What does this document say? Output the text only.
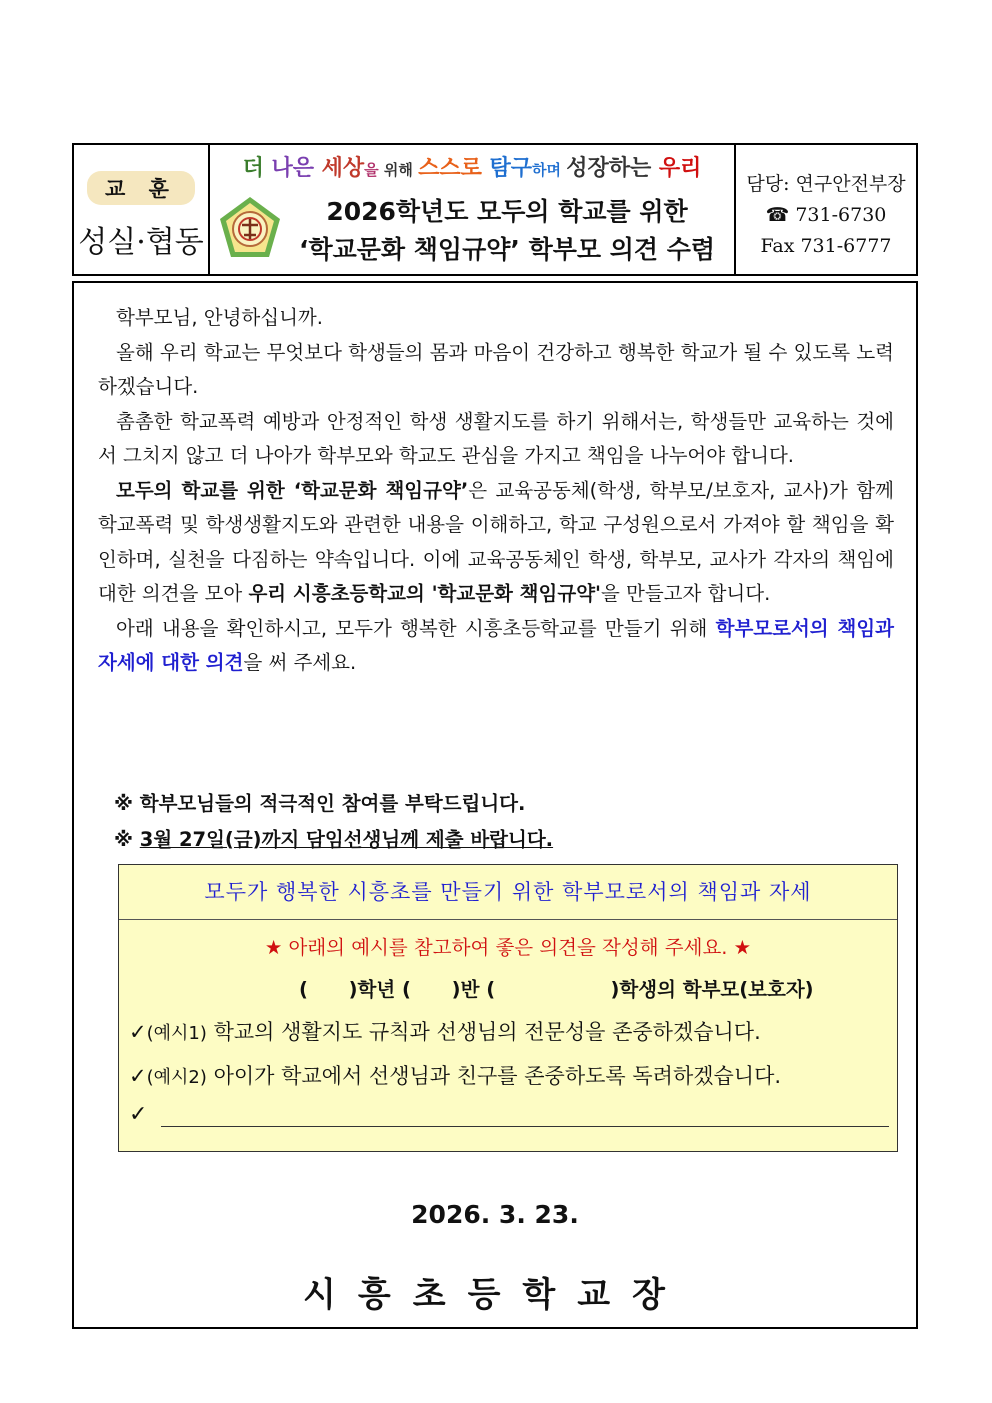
교 훈
성실·협동
더 나은 세상을 위해 스스로 탐구하며 성장하는 우리
2026학년도 모두의 학교를 위한
‘학교문화 책임규약’ 학부모 의견 수렴
담당: 연구안전부장
☎ 731-6730
Fax 731-6777

학부모님, 안녕하십니까.

올해 우리 학교는 무엇보다 학생들의 몸과 마음이 건강하고 행복한 학교가 될 수 있도록 노력하겠습니다.

촘촘한 학교폭력 예방과 안정적인 학생 생활지도를 하기 위해서는, 학생들만 교육하는 것에서 그치지 않고 더 나아가 학부모와 학교도 관심을 가지고 책임을 나누어야 합니다.

모두의 학교를 위한 ‘학교문화 책임규약’은 교육공동체(학생, 학부모/보호자, 교사)가 함께 학교폭력 및 학생생활지도와 관련한 내용을 이해하고, 학교 구성원으로서 가져야 할 책임을 확인하며, 실천을 다짐하는 약속입니다. 이에 교육공동체인 학생, 학부모, 교사가 각자의 책임에 대한 의견을 모아 우리 시흥초등학교의 '학교문화 책임규약'을 만들고자 합니다.

아래 내용을 확인하시고, 모두가 행복한 시흥초등학교를 만들기 위해 학부모로서의 책임과 자세에 대한 의견을 써 주세요.

※ 학부모님들의 적극적인 참여를 부탁드립니다.
※ 3월 27일(금)까지 담임선생님께 제출 바랍니다.
모두가 행복한 시흥초를 만들기 위한 학부모로서의 책임과 자세
★ 아래의 예시를 참고하여 좋은 의견을 작성해 주세요. ★
(      )학년 (      )반 (                 )학생의 학부모(보호자)
✓(예시1) 학교의 생활지도 규칙과 선생님의 전문성을 존중하겠습니다.
✓(예시2) 아이가 학교에서 선생님과 친구를 존중하도록 독려하겠습니다.
✓
2026. 3. 23.
시흥초등학교장
